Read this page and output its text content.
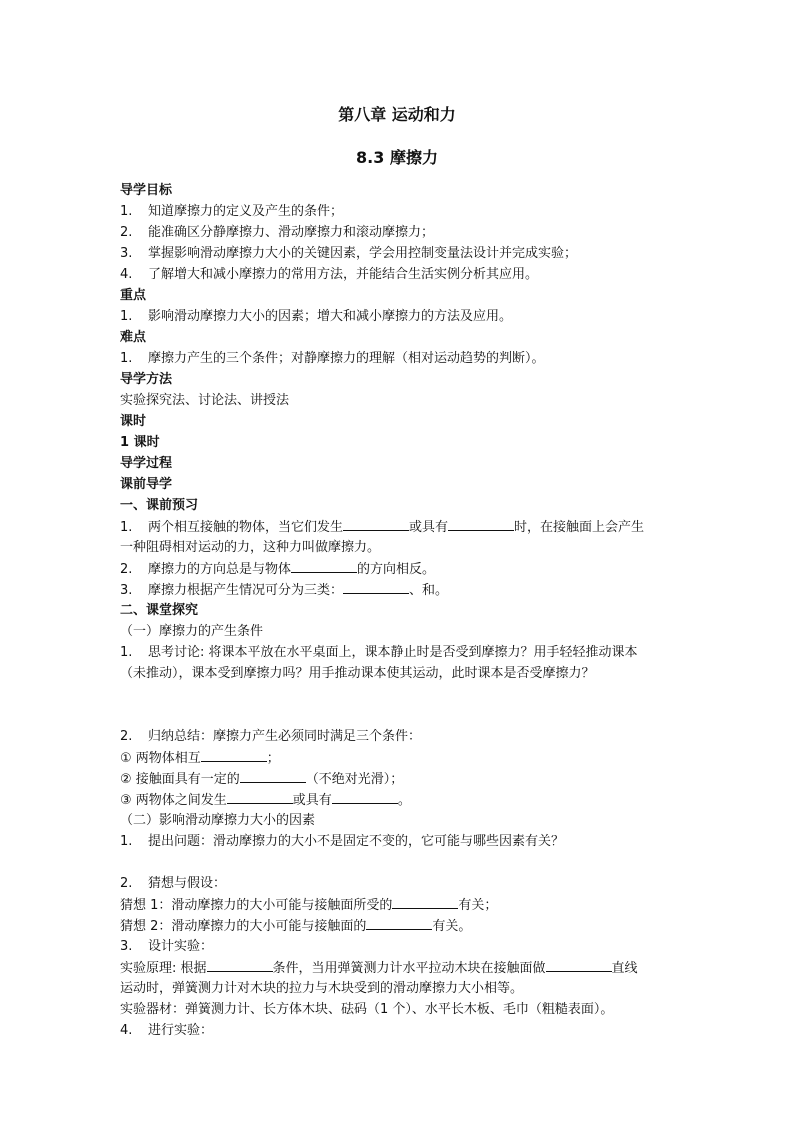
第八章 运动和力
8.3 摩擦力
导学目标
1. 知道摩擦力的定义及产生的条件；
2. 能准确区分静摩擦力、滑动摩擦力和滚动摩擦力；
3. 掌握影响滑动摩擦力大小的关键因素，学会用控制变量法设计并完成实验；
4. 了解增大和减小摩擦力的常用方法，并能结合生活实例分析其应用。
重点
1. 影响滑动摩擦力大小的因素；增大和减小摩擦力的方法及应用。
难点
1. 摩擦力产生的三个条件；对静摩擦力的理解（相对运动趋势的判断）。
导学方法
实验探究法、讨论法、讲授法
课时
1 课时
导学过程
课前导学
一、课前预习
1. 两个相互接触的物体，当它们发生	或具有	时，在接触面上会产生
一种阻碍相对运动的力，这种力叫做摩擦力。
2. 摩擦力的方向总是与物体	的方向相反。
3. 摩擦力根据产生情况可分为三类：	、和。
二、课堂探究
（一）摩擦力的产生条件
1. 思考讨论: 将课本平放在水平桌面上，课本静止时是否受到摩擦力？用手轻轻推动课本
（未推动），课本受到摩擦力吗？用手推动课本使其运动，此时课本是否受摩擦力？
2. 归纳总结：摩擦力产生必须同时满足三个条件：
① 两物体相互	；
② 接触面具有一定的	（不绝对光滑）；
③ 两物体之间发生	或具有	。
（二）影响滑动摩擦力大小的因素
1. 提出问题：滑动摩擦力的大小不是固定不变的，它可能与哪些因素有关？
2. 猜想与假设：
猜想 1：滑动摩擦力的大小可能与接触面所受的	有关；
猜想 2：滑动摩擦力的大小可能与接触面的	有关。
3. 设计实验：
实验原理: 根据	条件，当用弹簧测力计水平拉动木块在接触面做	直线
运动时，弹簧测力计对木块的拉力与木块受到的滑动摩擦力大小相等。
实验器材：弹簧测力计、长方体木块、砝码（1 个）、水平长木板、毛巾（粗糙表面）。
4. 进行实验：
